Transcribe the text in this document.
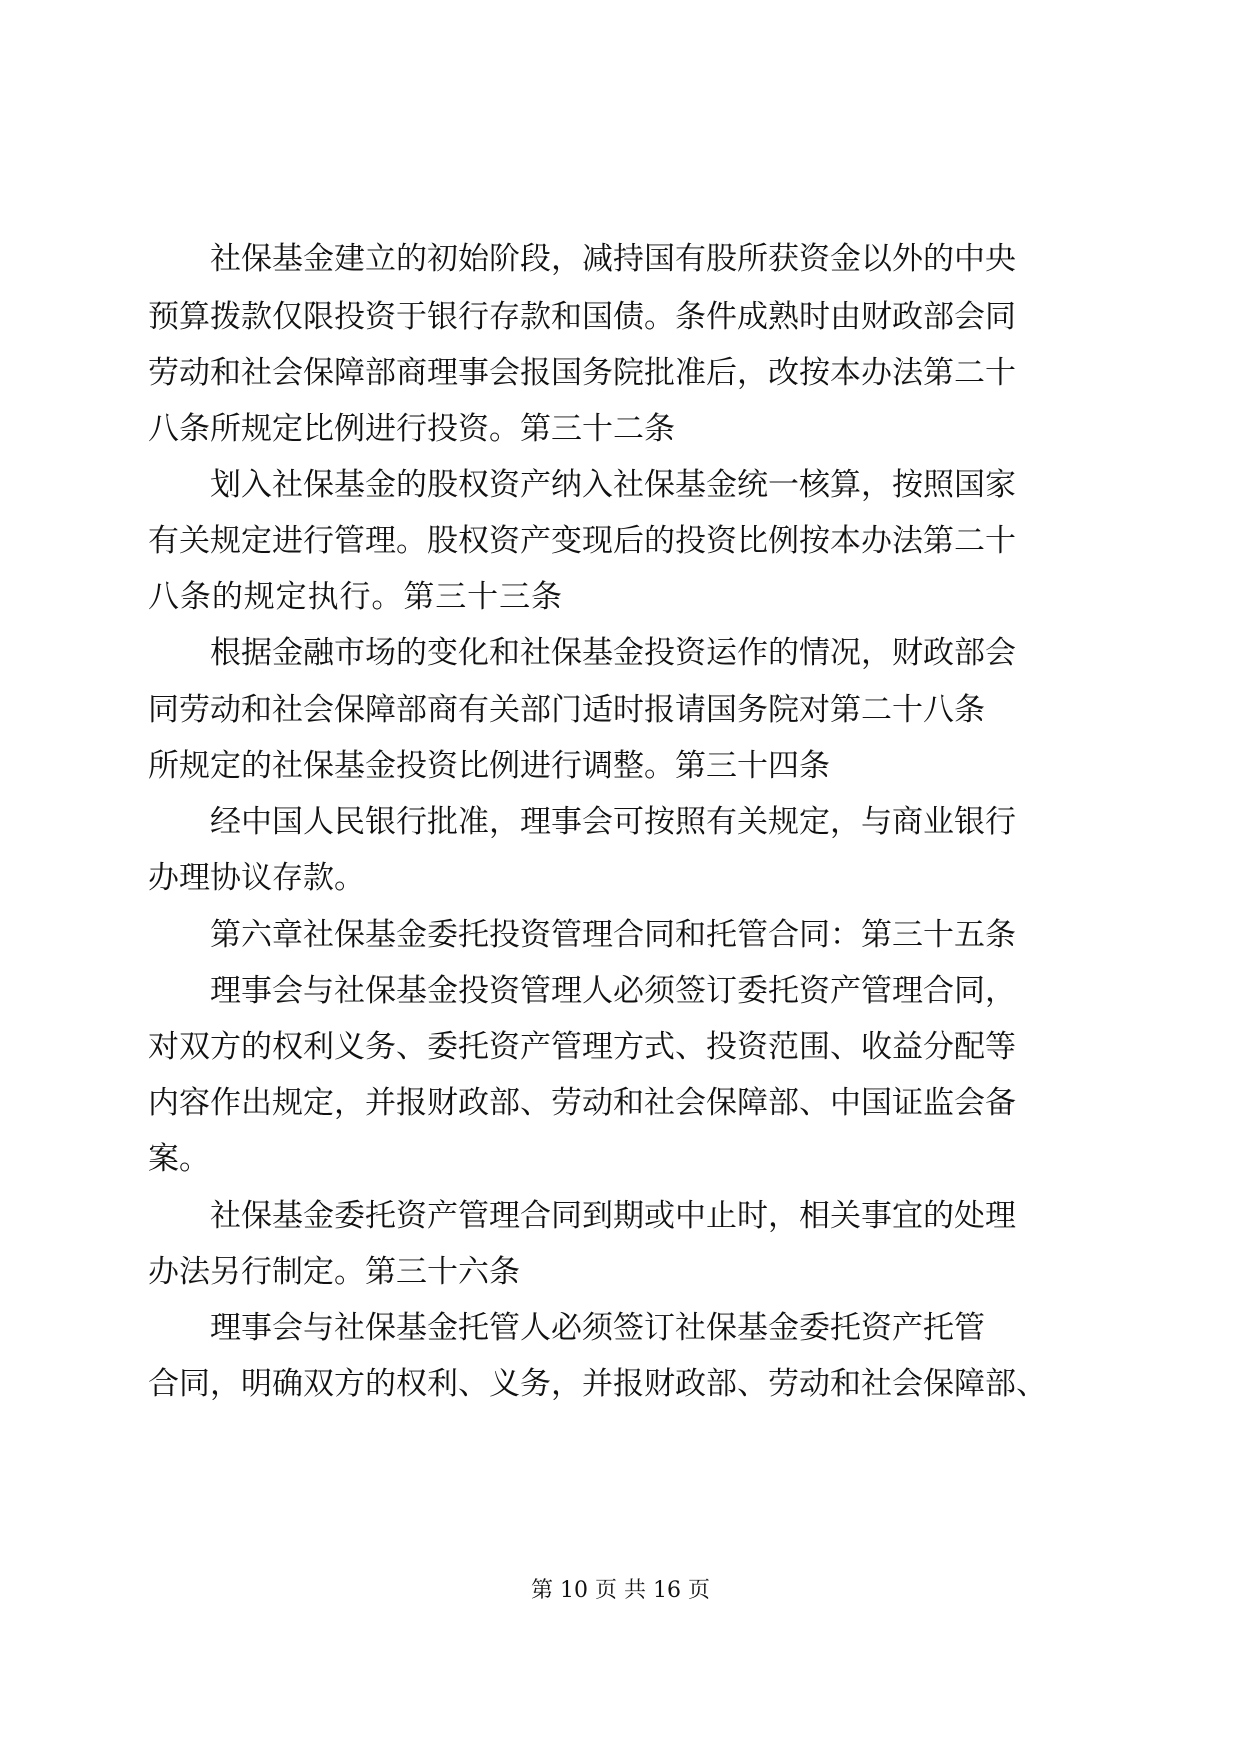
社 保 基 金 建 立 的 初 始 阶 段 ， 减 持 国 有 股 所 获 资 金 以 外 的 中 央
预 算 拨 款 仅 限 投 资 于 银 行 存 款 和 国 债 。 条 件 成 熟 时 由 财 政 部 会 同
劳 动 和 社 会 保 障 部 商 理 事 会 报 国 务 院 批 准 后 ， 改 按 本 办 法 第 二 十
八 条 所 规 定 比 例 进 行 投 资 。 第 三 十 二 条
划 入 社 保 基 金 的 股 权 资 产 纳 入 社 保 基 金 统 一 核 算 ， 按 照 国 家
有 关 规 定 进 行 管 理 。 股 权 资 产 变 现 后 的 投 资 比 例 按 本 办 法 第 二 十
八 条 的 规 定 执 行 。 第 三 十 三 条
根 据 金 融 市 场 的 变 化 和 社 保 基 金 投 资 运 作 的 情 况 ， 财 政 部 会
同 劳 动 和 社 会 保 障 部 商 有 关 部 门 适 时 报 请 国 务 院 对 第 二 十 八 条
所 规 定 的 社 保 基 金 投 资 比 例 进 行 调 整 。 第 三 十 四 条
经 中 国 人 民 银 行 批 准 ， 理 事 会 可 按 照 有 关 规 定 ， 与 商 业 银 行
办 理 协 议 存 款 。
第 六 章 社 保 基 金 委 托 投 资 管 理 合 同 和 托 管 合 同 ： 第 三 十 五 条
理 事 会 与 社 保 基 金 投 资 管 理 人 必 须 签 订 委 托 资 产 管 理 合 同 ，
对 双 方 的 权 利 义 务 、 委 托 资 产 管 理 方 式 、 投 资 范 围 、 收 益 分 配 等
内 容 作 出 规 定 ， 并 报 财 政 部 、 劳 动 和 社 会 保 障 部 、 中 国 证 监 会 备
案 。
社 保 基 金 委 托 资 产 管 理 合 同 到 期 或 中 止 时 ， 相 关 事 宜 的 处 理
办 法 另 行 制 定 。 第 三 十 六 条
理 事 会 与 社 保 基 金 托 管 人 必 须 签 订 社 保 基 金 委 托 资 产 托 管
合 同 ， 明 确 双 方 的 权 利 、 义 务 ， 并 报 财 政 部 、 劳 动 和 社 会 保 障 部 、
第 10 页 共 16 页
